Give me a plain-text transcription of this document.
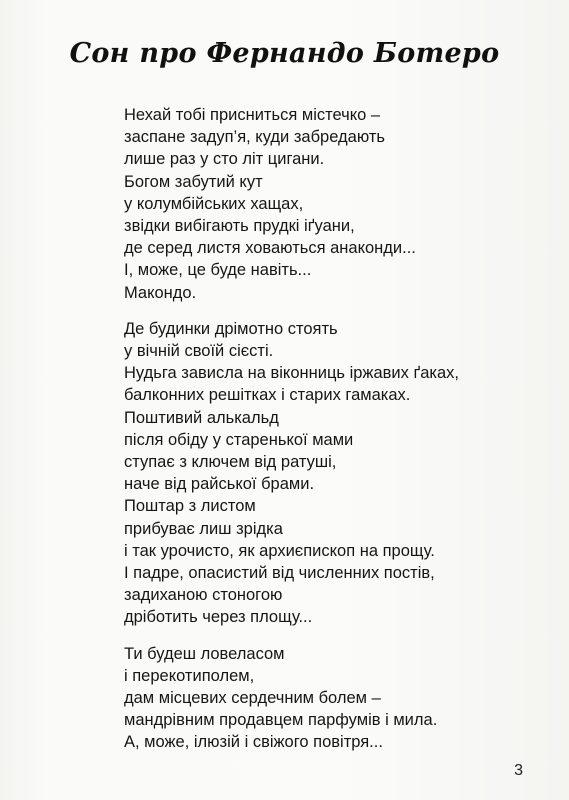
Сон про Фернандо Ботеро
Нехай тобі присниться містечко –
заспане задуп’я, куди забредають
лише раз у сто літ цигани.
Богом забутий кут
у колумбійських хащах,
звідки вибігають прудкі іґуани,
де серед листя ховаються анаконди...
І, може, це буде навіть...
Макондо.
Де будинки дрімотно стоять
у вічній своїй сієсті.
Нудьга зависла на віконниць іржавих ґаках,
балконних решітках і старих гамаках.
Поштивий алькальд
після обіду у старенької мами
ступає з ключем від ратуші,
наче від райської брами.
Поштар з листом
прибуває лиш зрідка
і так урочисто, як архиєпископ на прощу.
І падре, опасистий від численних постів,
задиханою стоногою
дріботить через площу...
Ти будеш ловеласом
і перекотиполем,
дам місцевих сердечним болем –
мандрівним продавцем парфумів і мила.
А, може, ілюзій і свіжого повітря...
3
